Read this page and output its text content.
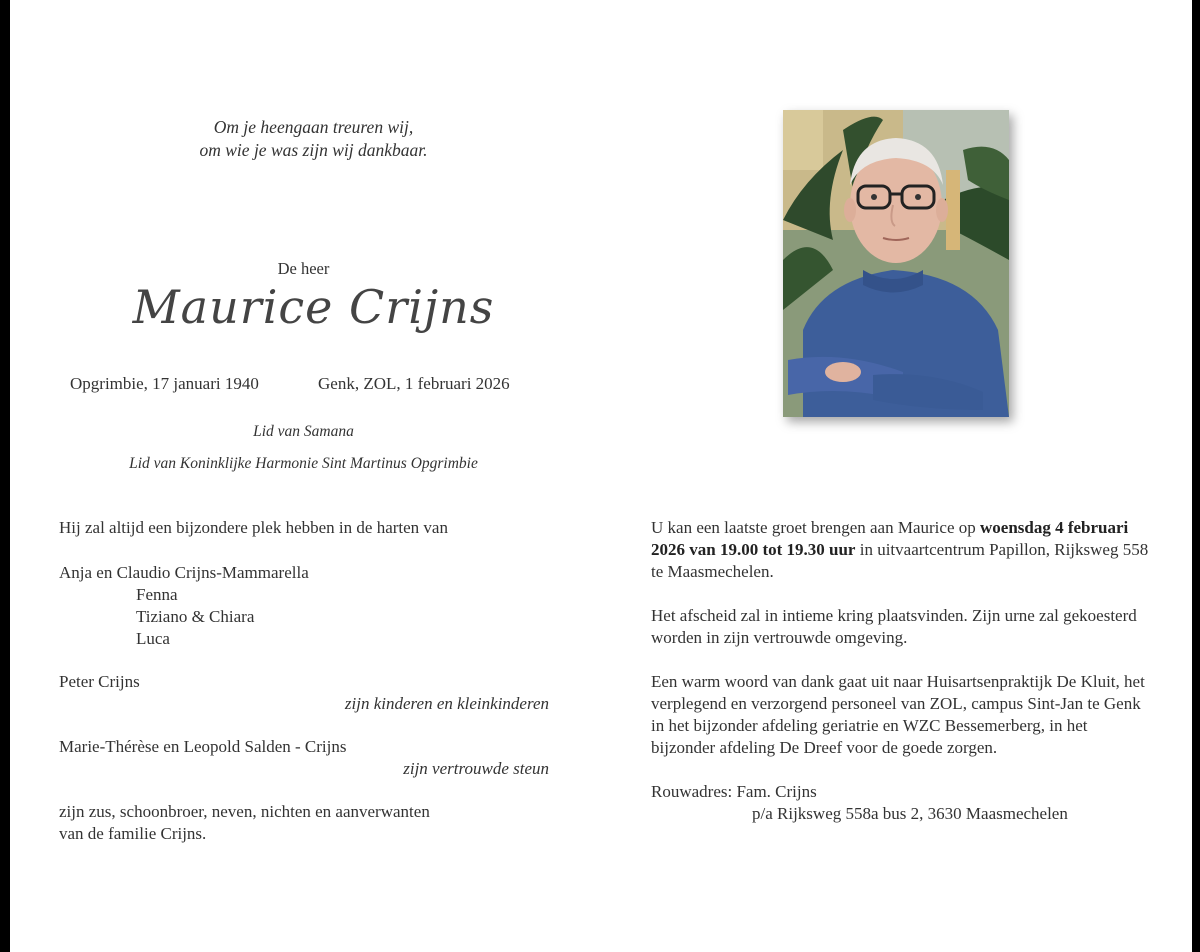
Om je heengaan treuren wij,
om wie je was zijn wij dankbaar.
De heer
Maurice Crijns
Opgrimbie, 17 januari 1940	Genk, ZOL, 1 februari 2026
Lid van Samana
Lid van Koninklijke Harmonie Sint Martinus Opgrimbie
Hij zal altijd een bijzondere plek hebben in de harten van
Anja en Claudio Crijns-Mammarella
Fenna
Tiziano & Chiara
Luca
Peter Crijns
zijn kinderen en kleinkinderen
Marie-Thérèse en Leopold Salden - Crijns
zijn vertrouwde steun
zijn zus, schoonbroer, neven, nichten en aanverwanten
van de familie Crijns.

U kan een laatste groet brengen aan Maurice op woensdag 4 februari 2026 van 19.00 tot 19.30 uur in uitvaartcentrum Papillon, Rijksweg 558 te Maasmechelen.

Het afscheid zal in intieme kring plaatsvinden. Zijn urne zal gekoesterd worden in zijn vertrouwde omgeving.

Een warm woord van dank gaat uit naar Huisartsenpraktijk De Kluit, het verplegend en verzorgend personeel van ZOL, campus Sint-Jan te Genk in het bijzonder afdeling geriatrie en WZC Bessemerberg, in het bijzonder afdeling De Dreef voor de goede zorgen.

Rouwadres: Fam. Crijns
p/a Rijksweg 558a bus 2, 3630 Maasmechelen
